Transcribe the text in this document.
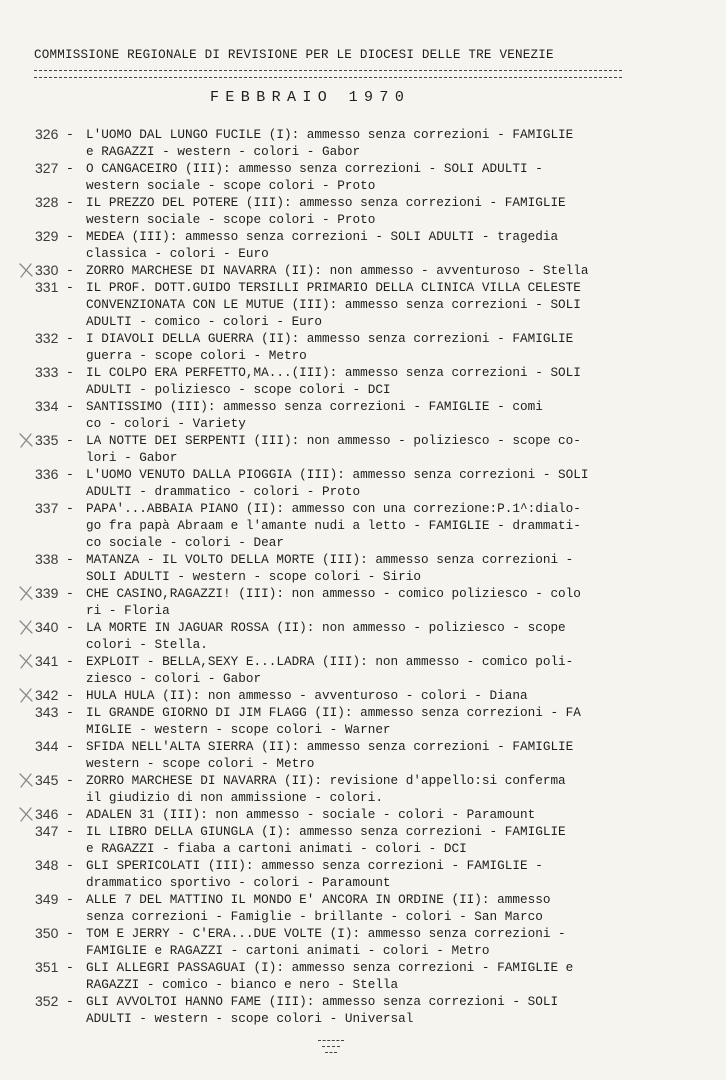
COMMISSIONE REGIONALE DI REVISIONE PER LE DIOCESI DELLE TRE VENEZIE
FEBBRAIO 1970
326 - L'UOMO DAL LUNGO FUCILE (I): ammesso senza correzioni - FAMIGLIE
e RAGAZZI - western - colori - Gabor
327 - O CANGACEIRO (III): ammesso senza correzioni - SOLI ADULTI -
western sociale - scope colori - Proto
328 - IL PREZZO DEL POTERE (III): ammesso senza correzioni - FAMIGLIE
western sociale - scope colori - Proto
329 - MEDEA (III): ammesso senza correzioni - SOLI ADULTI - tragedia
classica - colori - Euro
330 - ZORRO MARCHESE DI NAVARRA (II): non ammesso - avventuroso - Stella
331 - IL PROF. DOTT.GUIDO TERSILLI PRIMARIO DELLA CLINICA VILLA CELESTE
CONVENZIONATA CON LE MUTUE (III): ammesso senza correzioni - SOLI
ADULTI - comico - colori - Euro
332 - I DIAVOLI DELLA GUERRA (II): ammesso senza correzioni - FAMIGLIE
guerra - scope colori - Metro
333 - IL COLPO ERA PERFETTO,MA...(III): ammesso senza correzioni - SOLI
ADULTI - poliziesco - scope colori - DCI
334 - SANTISSIMO (III): ammesso senza correzioni - FAMIGLIE - comi
co - colori - Variety
335 - LA NOTTE DEI SERPENTI (III): non ammesso - poliziesco - scope co-
lori - Gabor
336 - L'UOMO VENUTO DALLA PIOGGIA (III): ammesso senza correzioni - SOLI
ADULTI - drammatico - colori - Proto
337 - PAPA'...ABBAIA PIANO (II): ammesso con una correzione:P.1^:dialo-
go fra papà Abraam e l'amante nudi a letto - FAMIGLIE - drammati-
co sociale - colori - Dear
338 - MATANZA - IL VOLTO DELLA MORTE (III): ammesso senza correzioni -
SOLI ADULTI - western - scope colori - Sirio
339 - CHE CASINO,RAGAZZI! (III): non ammesso - comico poliziesco - colo
ri - Floria
340 - LA MORTE IN JAGUAR ROSSA (II): non ammesso - poliziesco - scope
colori - Stella.
341 - EXPLOIT - BELLA,SEXY E...LADRA (III): non ammesso - comico poli-
ziesco - colori - Gabor
342 - HULA HULA (II): non ammesso - avventuroso - colori - Diana
343 - IL GRANDE GIORNO DI JIM FLAGG (II): ammesso senza correzioni - FA
MIGLIE - western - scope colori - Warner
344 - SFIDA NELL'ALTA SIERRA (II): ammesso senza correzioni - FAMIGLIE
western - scope colori - Metro
345 - ZORRO MARCHESE DI NAVARRA (II): revisione d'appello:si conferma
il giudizio di non ammissione - colori.
346 - ADALEN 31 (III): non ammesso - sociale - colori - Paramount
347 - IL LIBRO DELLA GIUNGLA (I): ammesso senza correzioni - FAMIGLIE
e RAGAZZI - fiaba a cartoni animati - colori - DCI
348 - GLI SPERICOLATI (III): ammesso senza correzioni - FAMIGLIE -
drammatico sportivo - colori - Paramount
349 - ALLE 7 DEL MATTINO IL MONDO E' ANCORA IN ORDINE (II): ammesso
senza correzioni - Famiglie - brillante - colori - San Marco
350 - TOM E JERRY - C'ERA...DUE VOLTE (I): ammesso senza correzioni -
FAMIGLIE e RAGAZZI - cartoni animati - colori - Metro
351 - GLI ALLEGRI PASSAGUAI (I): ammesso senza correzioni - FAMIGLIE e
RAGAZZI - comico - bianco e nero - Stella
352 - GLI AVVOLTOI HANNO FAME (III): ammesso senza correzioni - SOLI
ADULTI - western - scope colori - Universal
